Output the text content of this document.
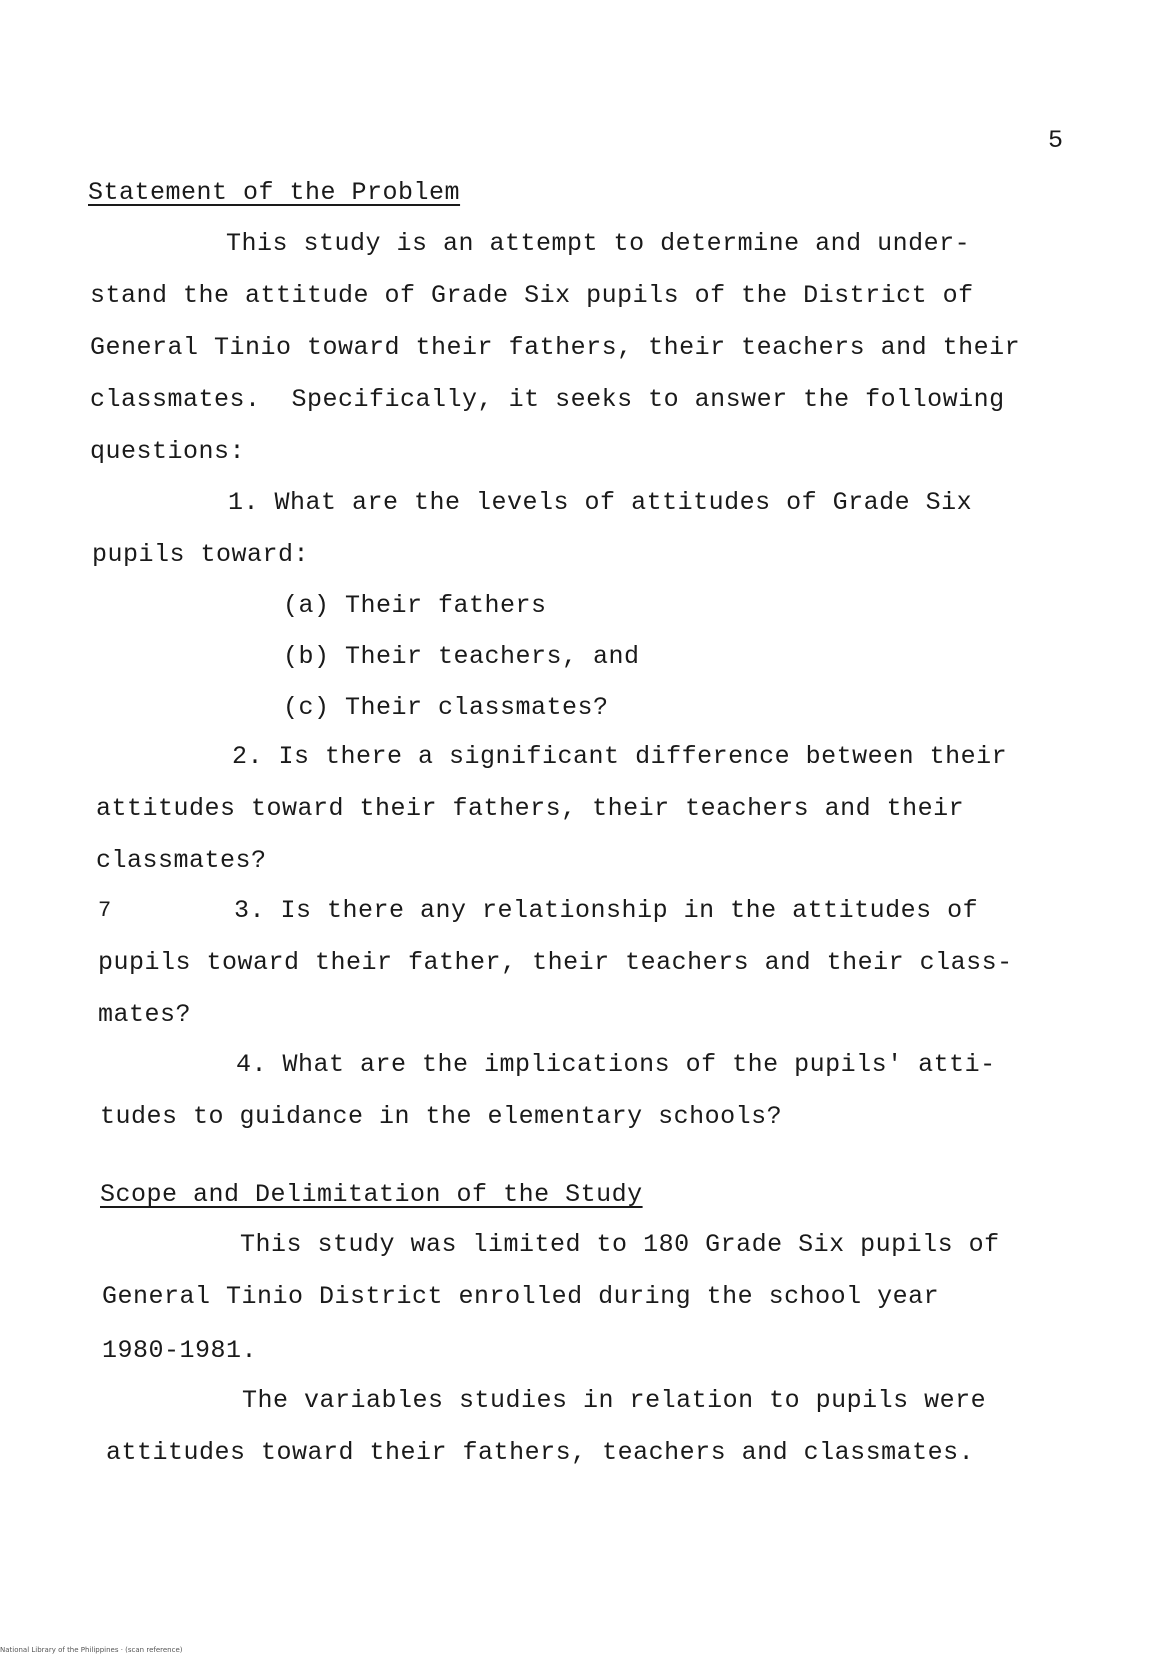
5
Statement of the Problem
This study is an attempt to determine and under-
stand the attitude of Grade Six pupils of the District of
General Tinio toward their fathers, their teachers and their
classmates.  Specifically, it seeks to answer the following
questions:
1. What are the levels of attitudes of Grade Six
pupils toward:
(a) Their fathers
(b) Their teachers, and
(c) Their classmates?
2. Is there a significant difference between their
attitudes toward their fathers, their teachers and their
classmates?
7	3. Is there any relationship in the attitudes of
pupils toward their father, their teachers and their class-
mates?
4. What are the implications of the pupils' atti-
tudes to guidance in the elementary schools?
Scope and Delimitation of the Study
This study was limited to 180 Grade Six pupils of
General Tinio District enrolled during the school year
1980-1981.
The variables studies in relation to pupils were
attitudes toward their fathers, teachers and classmates.
National Library of the Philippines · (scan reference)
